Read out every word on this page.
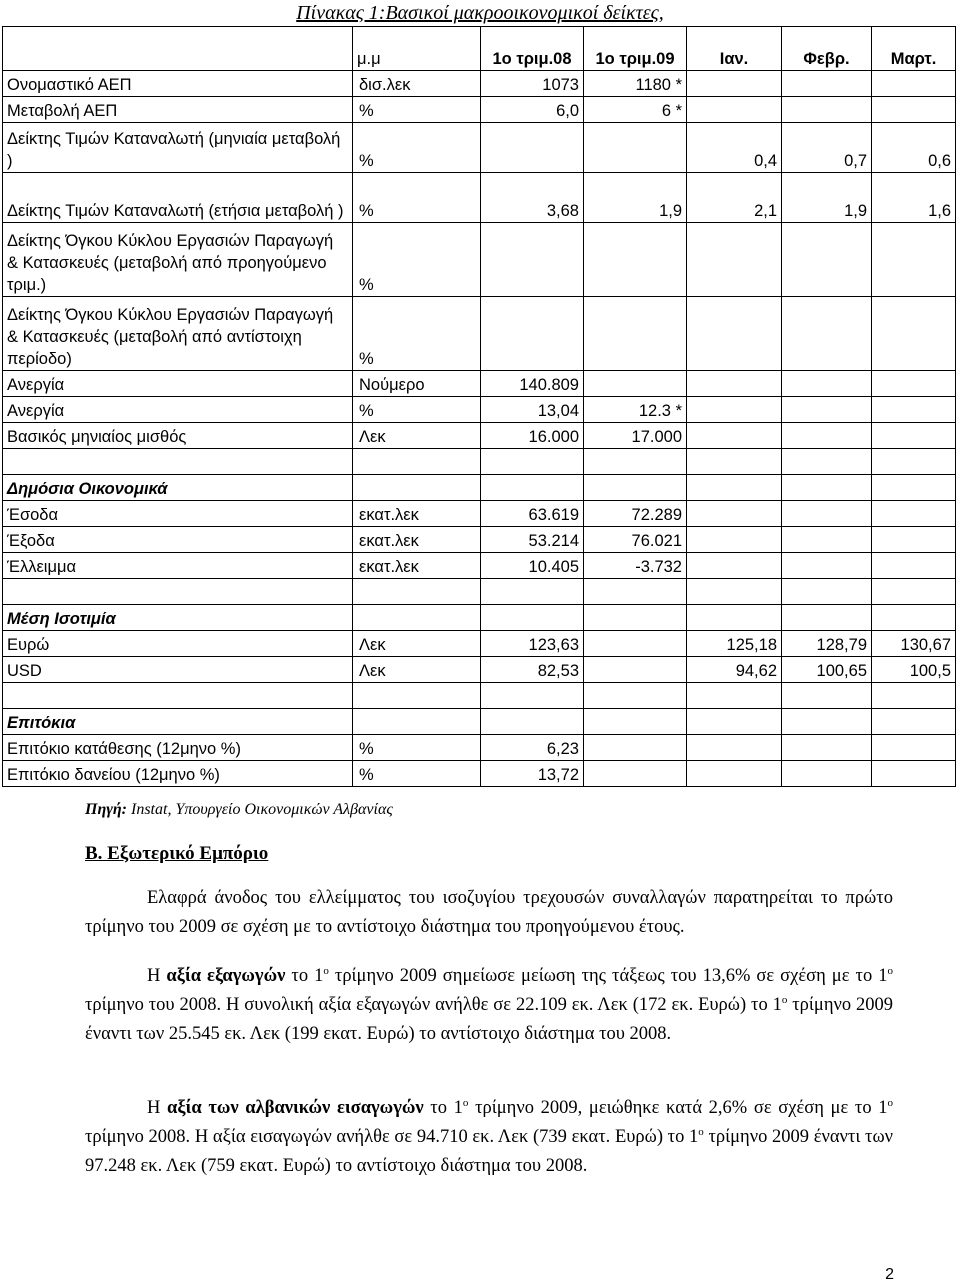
Πίνακας 1:Βασικοί μακροοικονομικοί δείκτες,
	μ.μ	1ο τριμ.08	1ο τριμ.09	Ιαν.	Φεβρ.	Μαρτ.
Ονομαστικό ΑΕΠ	δισ.λεκ	1073	1180 *			
Μεταβολή ΑΕΠ	%	6,0	6 *			
Δείκτης Τιμών Καταναλωτή (μηνιαία μεταβολή )	%			0,4	0,7	0,6
Δείκτης Τιμών Καταναλωτή (ετήσια μεταβολή )	%	3,68	1,9	2,1	1,9	1,6
Δείκτης Όγκου Κύκλου Εργασιών Παραγωγή & Κατασκευές (μεταβολή από προηγούμενο τριμ.)	%					
Δείκτης Όγκου Κύκλου Εργασιών Παραγωγή & Κατασκευές (μεταβολή από αντίστοιχη περίοδο)	%					
Ανεργία	Νούμερο	140.809				
Ανεργία	%	13,04	12.3 *			
Βασικός μηνιαίος μισθός	Λεκ	16.000	17.000			

Δημόσια Οικονομικά						
Έσοδα	εκατ.λεκ	63.619	72.289			
Έξοδα	εκατ.λεκ	53.214	76.021			
Έλλειμμα	εκατ.λεκ	10.405	-3.732			

Μέση Ισοτιμία						
Ευρώ	Λεκ	123,63		125,18	128,79	130,67
USD	Λεκ	82,53		94,62	100,65	100,5

Επιτόκια						
Επιτόκιο κατάθεσης (12μηνο %)	%	6,23				
Επιτόκιο δανείου (12μηνο %)	%	13,72				
Πηγή: Instat, Υπουργείο Οικονομικών Αλβανίας
B. Εξωτερικό Εμπόριο
Ελαφρά άνοδος του ελλείμματος του ισοζυγίου τρεχουσών συναλλαγών παρατηρείται το πρώτο τρίμηνο του 2009 σε σχέση με το αντίστοιχο διάστημα του προηγούμενου έτους.
Η αξία εξαγωγών το $1^o$ τρίμηνο 2009 σημείωσε μείωση της τάξεως του 13,6% σε σχέση με το $1^o$ τρίμηνο του 2008. Η συνολική αξία εξαγωγών ανήλθε σε 22.109 εκ. Λεκ (172 εκ. Ευρώ) το $1^o$ τρίμηνο 2009 έναντι των 25.545 εκ. Λεκ (199 εκατ. Ευρώ) το αντίστοιχο διάστημα του 2008.
Η αξία των αλβανικών εισαγωγών το $1^o$ τρίμηνο 2009, μειώθηκε κατά 2,6% σε σχέση με το $1^o$ τρίμηνο 2008. Η αξία εισαγωγών ανήλθε σε 94.710 εκ. Λεκ (739 εκατ. Ευρώ) το $1^o$ τρίμηνο 2009 έναντι των 97.248 εκ. Λεκ (759 εκατ. Ευρώ) το αντίστοιχο διάστημα του 2008.
2
